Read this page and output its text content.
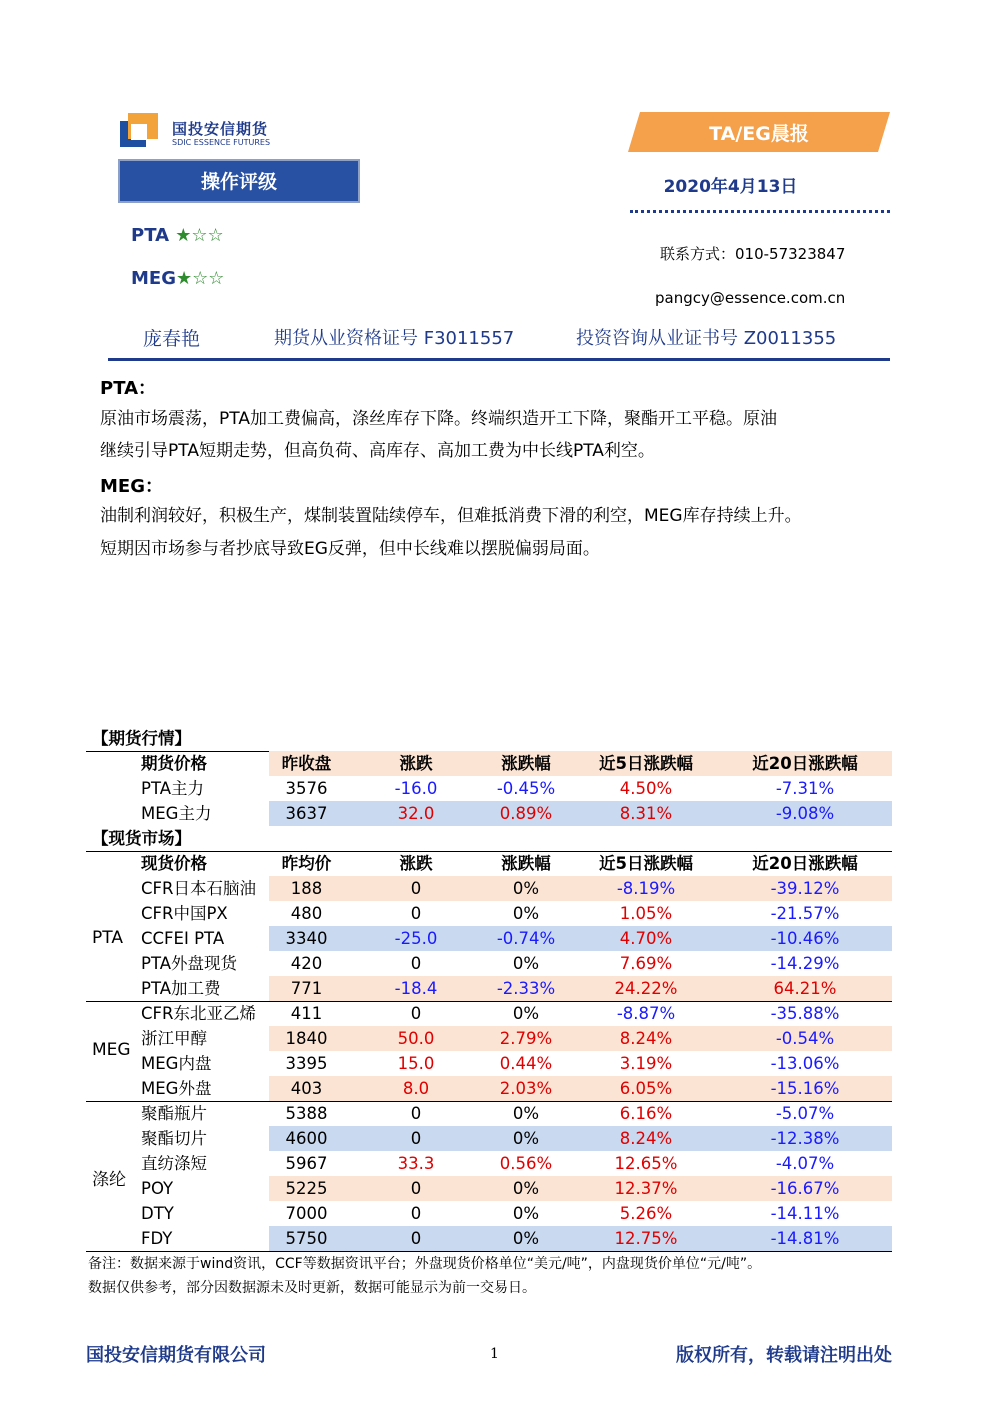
国投安信期货
SDIC ESSENCE FUTURES	TA/EG晨报
操作评级	2020年4月13日
PTA ★☆☆
MEG★☆☆
联系方式：010-57323847
pangcy@essence.com.cn
庞春艳	期货从业资格证号 F3011557	投资咨询从业证书号 Z0011355
PTA：
原油市场震荡，PTA加工费偏高，涤丝库存下降。终端织造开工下降，聚酯开工平稳。原油
继续引导PTA短期走势，但高负荷、高库存、高加工费为中长线PTA利空。
MEG：
油制利润较好，积极生产，煤制装置陆续停车，但难抵消费下滑的利空，MEG库存持续上升。
短期因市场参与者抄底导致EG反弹，但中长线难以摆脱偏弱局面。
【期货行情】
期货价格	昨收盘	涨跌	涨跌幅	近5日涨跌幅	近20日涨跌幅
PTA主力	3576	-16.0	-0.45%	4.50%	-7.31%
MEG主力	3637	32.0	0.89%	8.31%	-9.08%
【现货市场】
现货价格	昨均价	涨跌	涨跌幅	近5日涨跌幅	近20日涨跌幅
CFR日本石脑油	188	0	0%	-8.19%	-39.12%
CFR中国PX	480	0	0%	1.05%	-21.57%
CCFEI PTA	3340	-25.0	-0.74%	4.70%	-10.46%
PTA外盘现货	420	0	0%	7.69%	-14.29%
PTA加工费	771	-18.4	-2.33%	24.22%	64.21%
PTA
CFR东北亚乙烯	411	0	0%	-8.87%	-35.88%
浙江甲醇	1840	50.0	2.79%	8.24%	-0.54%
MEG内盘	3395	15.0	0.44%	3.19%	-13.06%
MEG外盘	403	8.0	2.03%	6.05%	-15.16%
MEG
聚酯瓶片	5388	0	0%	6.16%	-5.07%
聚酯切片	4600	0	0%	8.24%	-12.38%
直纺涤短	5967	33.3	0.56%	12.65%	-4.07%
POY	5225	0	0%	12.37%	-16.67%
DTY	7000	0	0%	5.26%	-14.11%
FDY	5750	0	0%	12.75%	-14.81%
涤纶
备注：数据来源于wind资讯，CCF等数据资讯平台；外盘现货价格单位“美元/吨”，内盘现货价单位“元/吨”。
数据仅供参考，部分因数据源未及时更新，数据可能显示为前一交易日。
国投安信期货有限公司	1	版权所有，转载请注明出处
